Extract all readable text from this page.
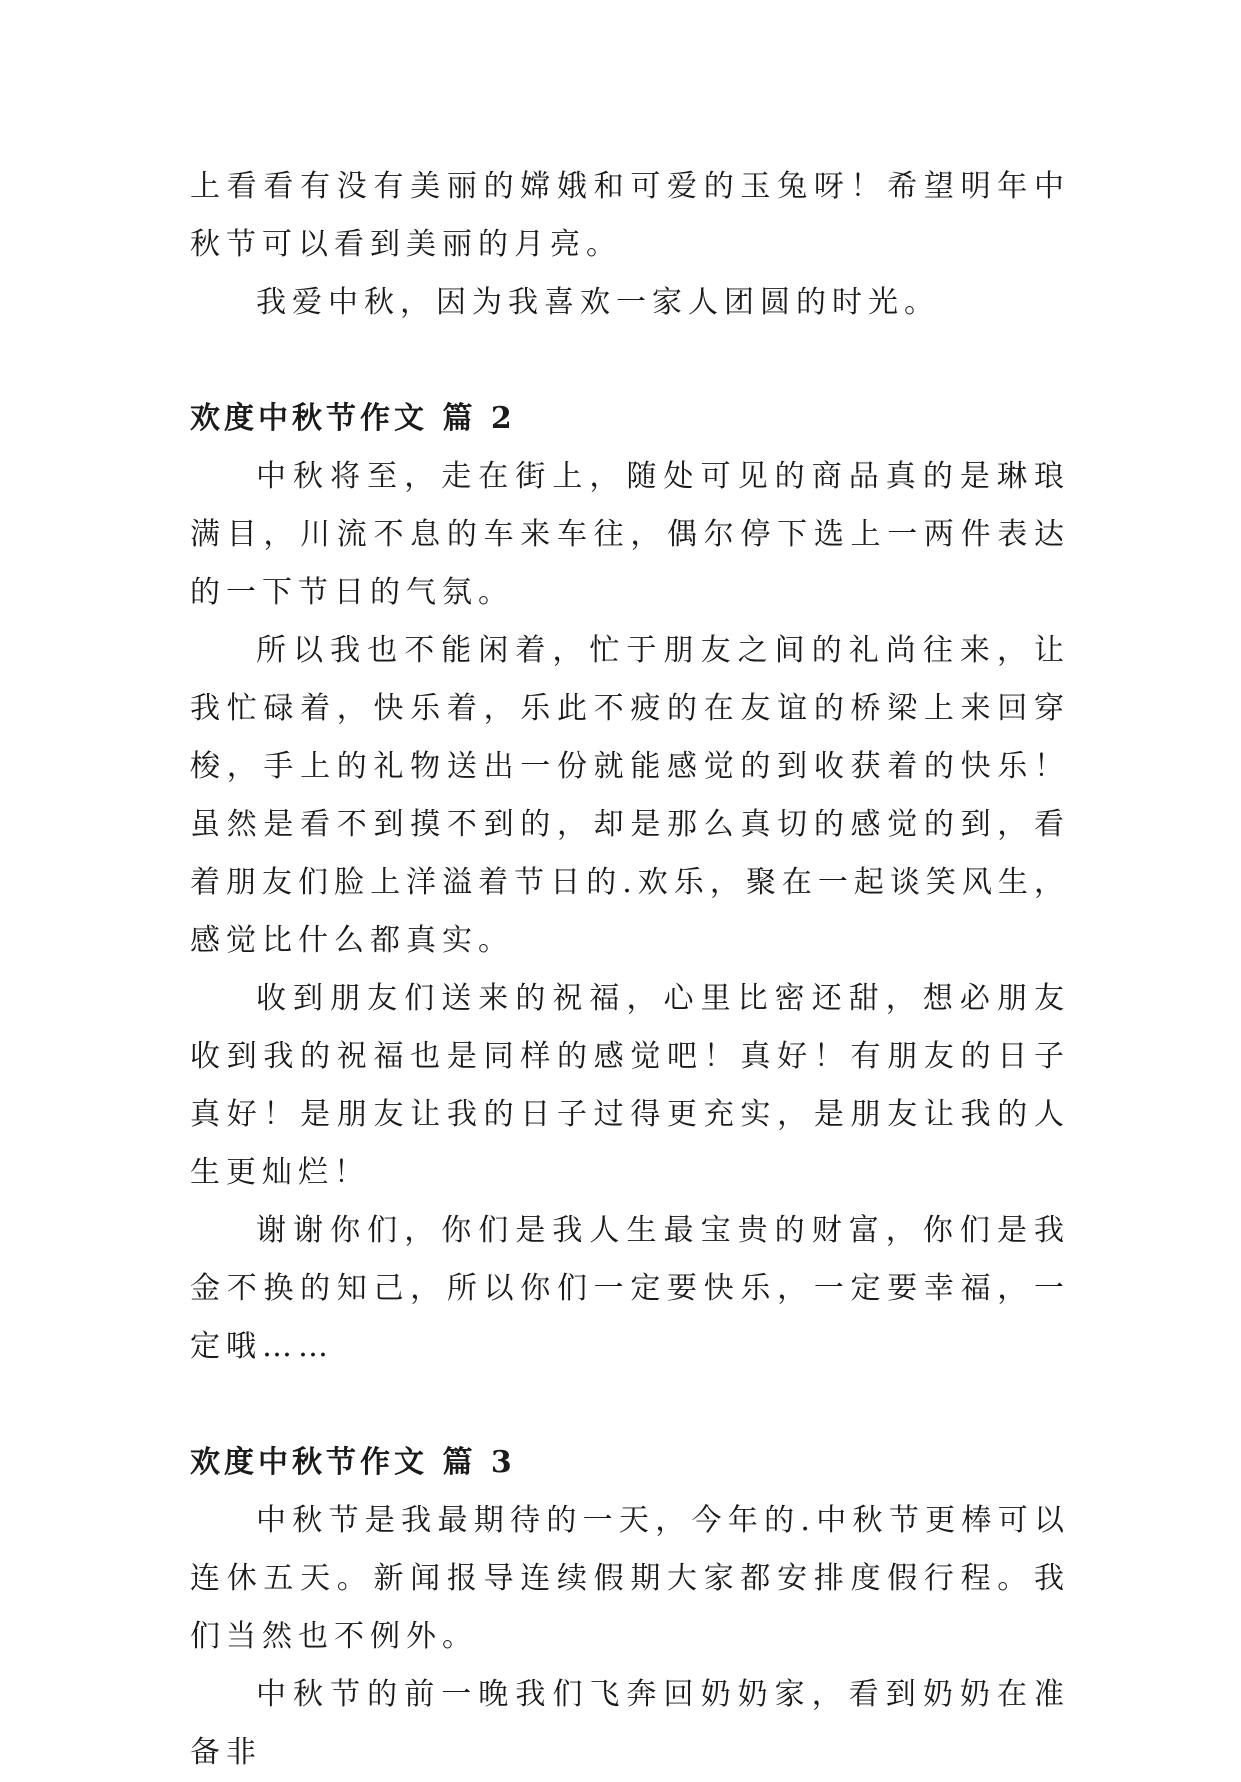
上看看有没有美丽的嫦娥和可爱的玉兔呀！希望明年中秋节可以看到美丽的月亮。

我爱中秋，因为我喜欢一家人团圆的时光。

欢度中秋节作文 篇 2

中秋将至，走在街上，随处可见的商品真的是琳琅满目，川流不息的车来车往，偶尔停下选上一两件表达的一下节日的气氛。

所以我也不能闲着，忙于朋友之间的礼尚往来，让我忙碌着，快乐着，乐此不疲的在友谊的桥梁上来回穿梭，手上的礼物送出一份就能感觉的到收获着的快乐！虽然是看不到摸不到的，却是那么真切的感觉的到，看着朋友们脸上洋溢着节日的.欢乐，聚在一起谈笑风生，感觉比什么都真实。

收到朋友们送来的祝福，心里比密还甜，想必朋友收到我的祝福也是同样的感觉吧！真好！有朋友的日子真好！是朋友让我的日子过得更充实，是朋友让我的人生更灿烂！

谢谢你们，你们是我人生最宝贵的财富，你们是我金不换的知己，所以你们一定要快乐，一定要幸福，一定哦……

欢度中秋节作文 篇 3

中秋节是我最期待的一天，今年的.中秋节更棒可以连休五天。新闻报导连续假期大家都安排度假行程。我们当然也不例外。

中秋节的前一晚我们飞奔回奶奶家，看到奶奶在准备非
